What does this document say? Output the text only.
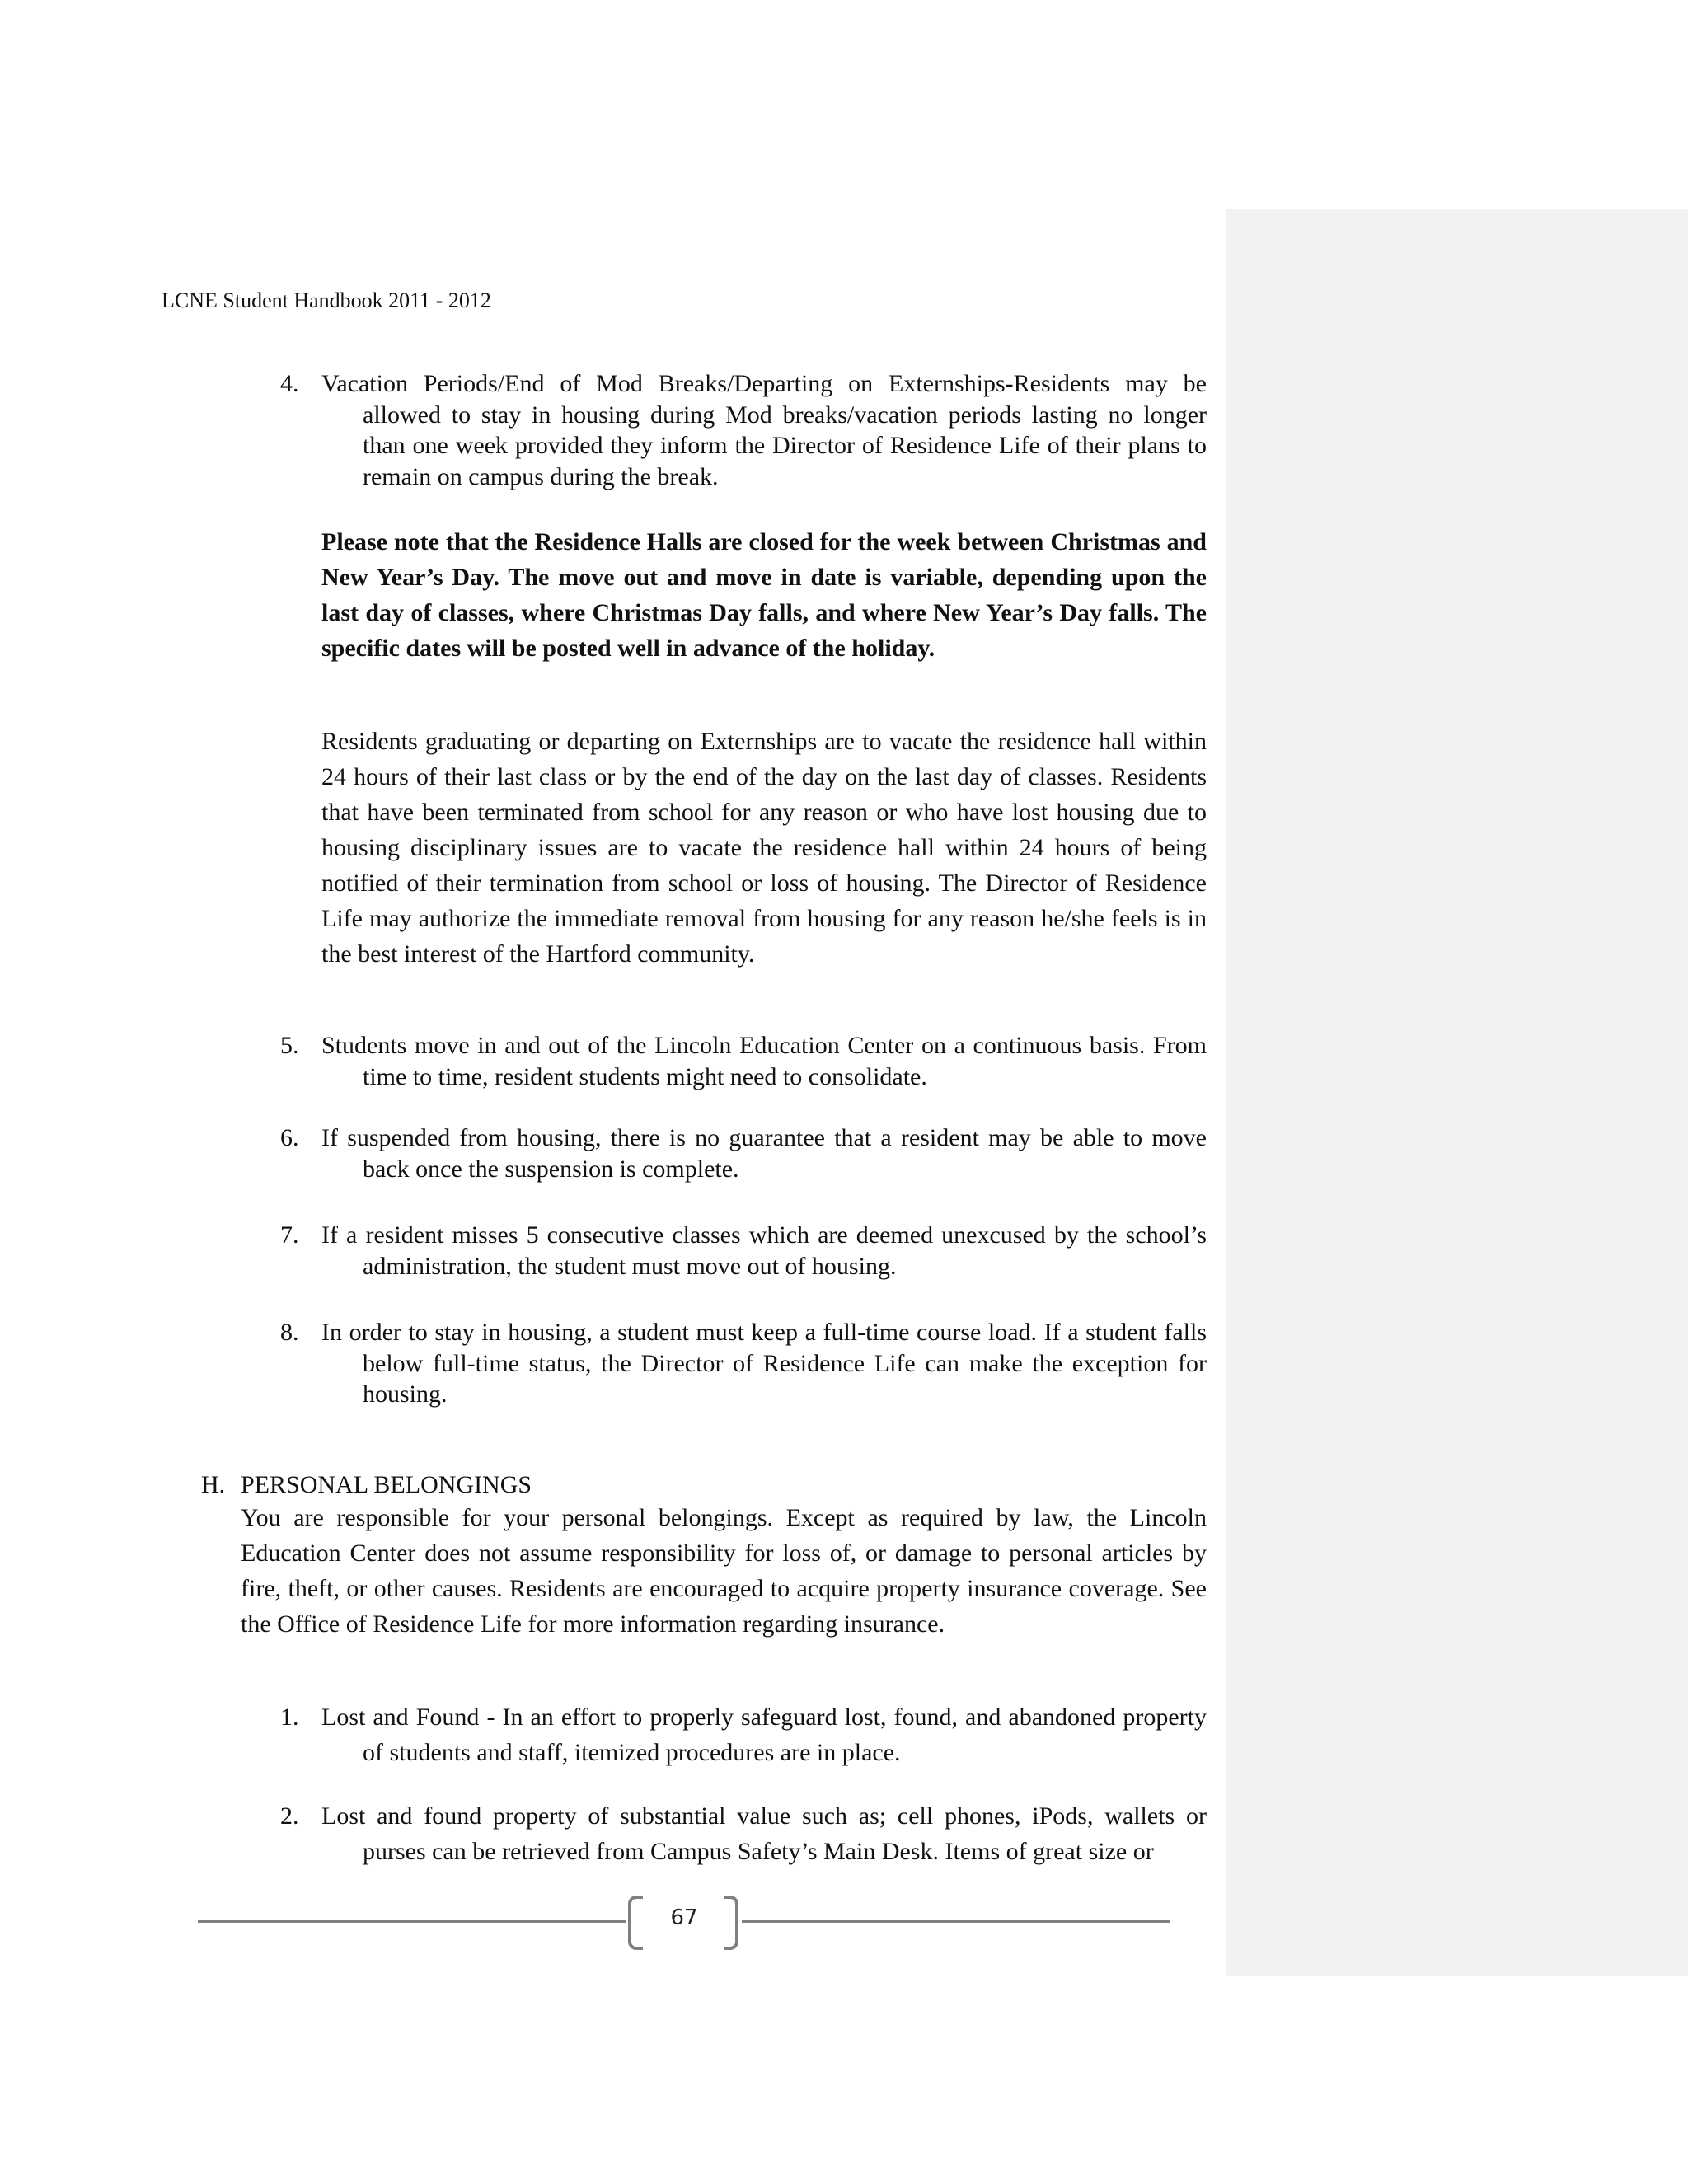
LCNE Student Handbook 2011 - 2012
4. Vacation Periods/End of Mod Breaks/Departing on Externships-Residents may be allowed to stay in housing during Mod breaks/vacation periods lasting no longer than one week provided they inform the Director of Residence Life of their plans to remain on campus during the break.
Please note that the Residence Halls are closed for the week between Christmas and New Year’s Day. The move out and move in date is variable, depending upon the last day of classes, where Christmas Day falls, and where New Year’s Day falls. The specific dates will be posted well in advance of the holiday.
Residents graduating or departing on Externships are to vacate the residence hall within 24 hours of their last class or by the end of the day on the last day of classes. Residents that have been terminated from school for any reason or who have lost housing due to housing disciplinary issues are to vacate the residence hall within 24 hours of being notified of their termination from school or loss of housing. The Director of Residence Life may authorize the immediate removal from housing for any reason he/she feels is in the best interest of the Hartford community.
5. Students move in and out of the Lincoln Education Center on a continuous basis. From time to time, resident students might need to consolidate.
6. If suspended from housing, there is no guarantee that a resident may be able to move back once the suspension is complete.
7. If a resident misses 5 consecutive classes which are deemed unexcused by the school’s administration, the student must move out of housing.
8. In order to stay in housing, a student must keep a full-time course load. If a student falls below full-time status, the Director of Residence Life can make the exception for housing.
H. PERSONAL BELONGINGS
You are responsible for your personal belongings. Except as required by law, the Lincoln Education Center does not assume responsibility for loss of, or damage to personal articles by fire, theft, or other causes. Residents are encouraged to acquire property insurance coverage. See the Office of Residence Life for more information regarding insurance.
1. Lost and Found - In an effort to properly safeguard lost, found, and abandoned property of students and staff, itemized procedures are in place.
2. Lost and found property of substantial value such as; cell phones, iPods, wallets or purses can be retrieved from Campus Safety’s Main Desk. Items of great size or
67
